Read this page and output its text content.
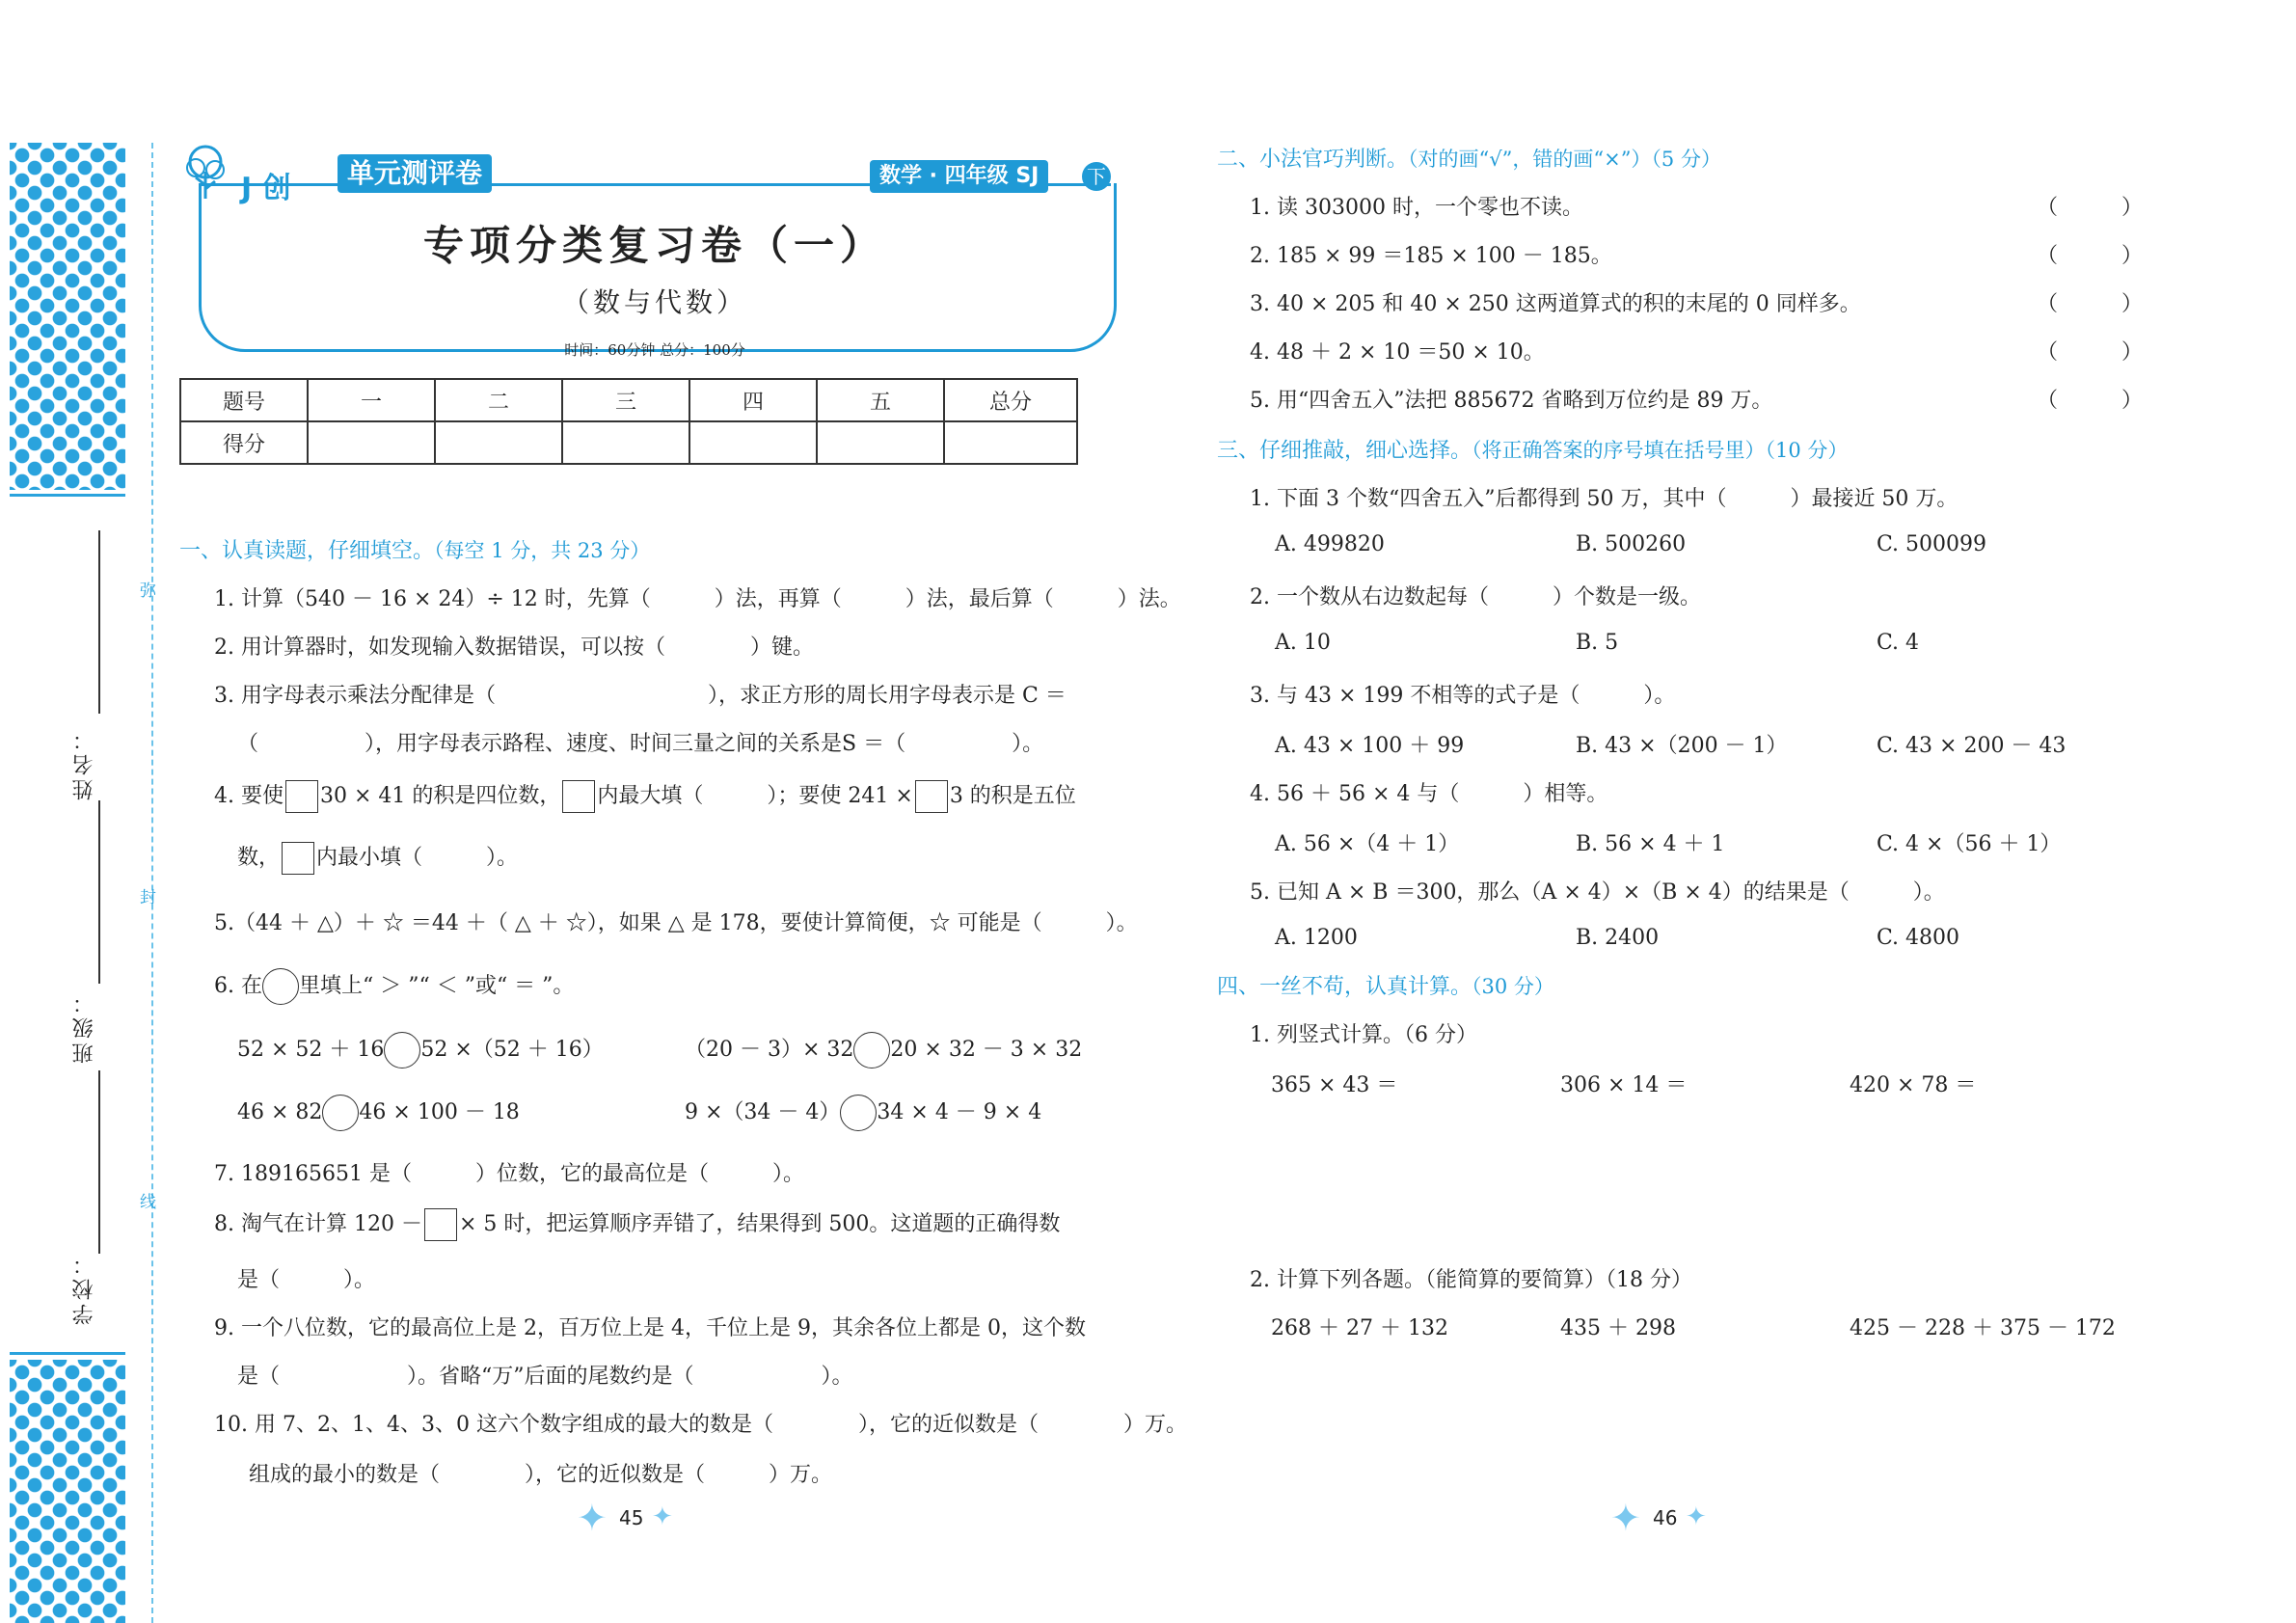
弥
封
线
姓名：
班级：
学校：
J 创	单元测评卷	数学 · 四年级 SJ	下
专项分类复习卷（一）
（数与代数）
时间：60分钟 总分：100分
题号	一	二	三	四	五	总分
得分						
一、认真读题，仔细填空。（每空 1 分，共 23 分）
1. 计算（540 － 16 × 24）÷ 12 时，先算（　　　）法，再算（　　　）法，最后算（　　　）法。
2. 用计算器时，如发现输入数据错误，可以按（　　　　）键。
3. 用字母表示乘法分配律是（　　　　　　　　　　），求正方形的周长用字母表示是 C ＝
（　　　　　），用字母表示路程、速度、时间三量之间的关系是S ＝（　　　　　）。
4. 要使 30 × 41 的积是四位数， 内最大填（　　　）；要使 241 × 3 的积是五位
数， 内最小填（　　　）。
5.（44 ＋ △）＋ ☆ ＝44 ＋（ △ ＋ ☆），如果 △ 是 178，要使计算简便，☆ 可能是（　　　）。
6. 在 里填上“ ＞ ”“ ＜ ”或“ ＝ ”。
52 × 52 ＋ 16 52 ×（52 ＋ 16）	（20 － 3）× 32 20 × 32 － 3 × 32
46 × 82 46 × 100 － 18	9 ×（34 － 4） 34 × 4 － 9 × 4
7. 189165651 是（　　　）位数，它的最高位是（　　　）。
8. 淘气在计算 120 － × 5 时，把运算顺序弄错了，结果得到 500。这道题的正确得数
是（　　　）。
9. 一个八位数，它的最高位上是 2，百万位上是 4，千位上是 9，其余各位上都是 0，这个数
是（　　　　　　）。省略“万”后面的尾数约是（　　　　　　）。
10. 用 7、2、1、4、3、0 这六个数字组成的最大的数是（　　　　），它的近似数是（　　　　）万。
组成的最小的数是（　　　　），它的近似数是（　　　）万。
✦ 45 ✦
二、小法官巧判断。（对的画“√”，错的画“×”）（5 分）
1. 读 303000 时，一个零也不读。	（　　　）
2. 185 × 99 ＝185 × 100 － 185。	（　　　）
3. 40 × 205 和 40 × 250 这两道算式的积的末尾的 0 同样多。	（　　　）
4. 48 ＋ 2 × 10 ＝50 × 10。	（　　　）
5. 用“四舍五入”法把 885672 省略到万位约是 89 万。	（　　　）
三、仔细推敲，细心选择。（将正确答案的序号填在括号里）（10 分）
1. 下面 3 个数“四舍五入”后都得到 50 万，其中（　　　）最接近 50 万。
A. 499820	B. 500260	C. 500099
2. 一个数从右边数起每（　　　）个数是一级。
A. 10	B. 5	C. 4
3. 与 43 × 199 不相等的式子是（　　　）。
A. 43 × 100 ＋ 99	B. 43 ×（200 － 1）	C. 43 × 200 － 43
4. 56 ＋ 56 × 4 与（　　　）相等。
A. 56 ×（4 ＋ 1）	B. 56 × 4 ＋ 1	C. 4 ×（56 ＋ 1）
5. 已知 A × B ＝300，那么（A × 4）×（B × 4）的结果是（　　　）。
A. 1200	B. 2400	C. 4800
四、一丝不苟，认真计算。（30 分）
1. 列竖式计算。（6 分）
365 × 43 ＝	306 × 14 ＝	420 × 78 ＝
2. 计算下列各题。（能简算的要简算）（18 分）
268 ＋ 27 ＋ 132	435 ＋ 298	425 － 228 ＋ 375 － 172
✦ 46 ✦
